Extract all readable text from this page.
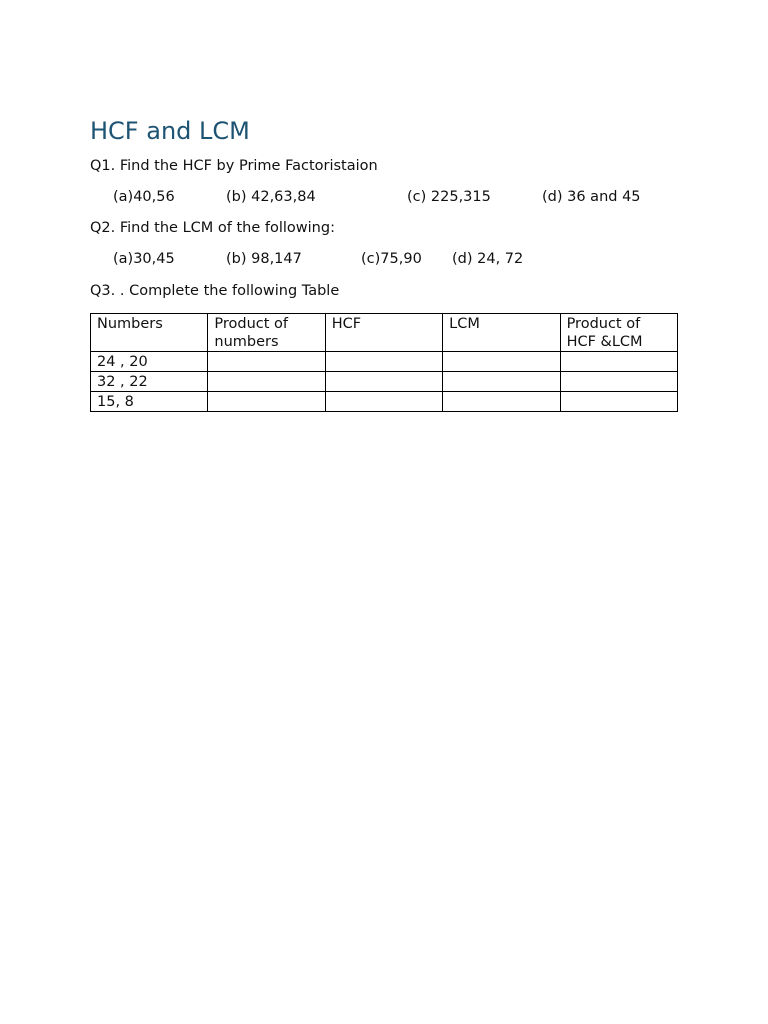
HCF and LCM
Q1. Find the HCF by Prime Factoristaion
(a)40,56	(b) 42,63,84	(c) 225,315	(d) 36 and 45
Q2. Find the LCM of the following:
(a)30,45	(b) 98,147	(c)75,90 (d) 24, 72
Q3. . Complete the following Table
Numbers	Product of numbers	HCF	LCM	Product of HCF &LCM
24 , 20				
32 , 22				
15, 8				
